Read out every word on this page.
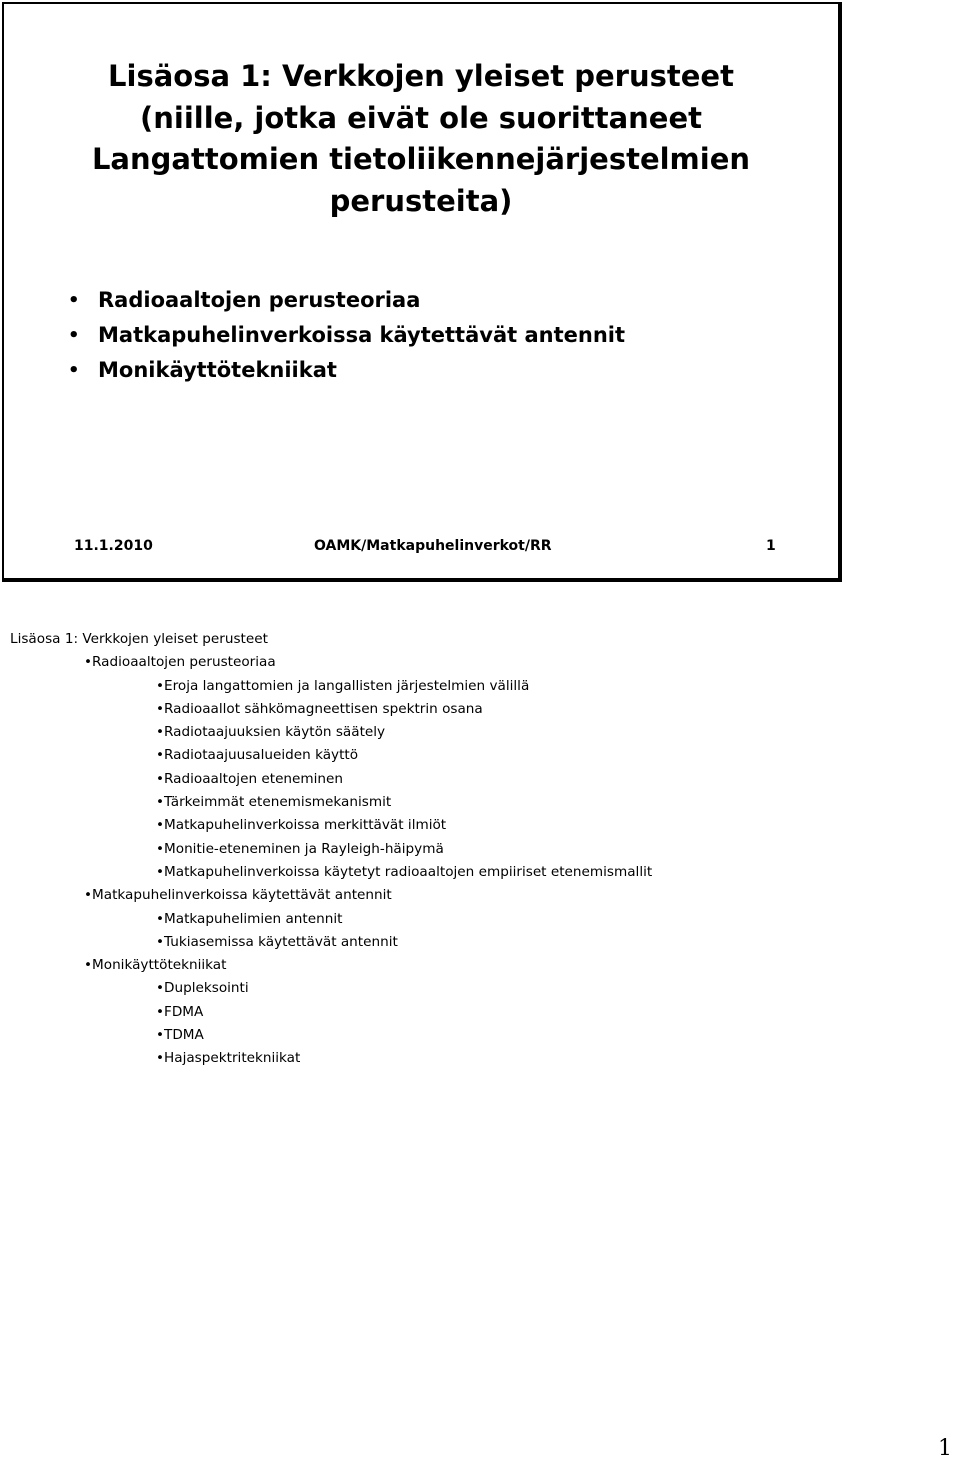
Lisäosa 1: Verkkojen yleiset perusteet
(niille, jotka eivät ole suorittaneet
Langattomien tietoliikennejärjestelmien
perusteita)
• Radioaaltojen perusteoriaa
• Matkapuhelinverkoissa käytettävät antennit
• Monikäyttötekniikat
11.1.2010	OAMK/Matkapuhelinverkot/RR	1
Lisäosa 1: Verkkojen yleiset perusteet
•Radioaaltojen perusteoriaa
•Eroja langattomien ja langallisten järjestelmien välillä
•Radioaallot sähkömagneettisen spektrin osana
•Radiotaajuuksien käytön säätely
•Radiotaajuusalueiden käyttö
•Radioaaltojen eteneminen
•Tärkeimmät etenemismekanismit
•Matkapuhelinverkoissa merkittävät ilmiöt
•Monitie-eteneminen ja Rayleigh-häipymä
•Matkapuhelinverkoissa käytetyt radioaaltojen empiiriset etenemismallit
•Matkapuhelinverkoissa käytettävät antennit
•Matkapuhelimien antennit
•Tukiasemissa käytettävät antennit
•Monikäyttötekniikat
•Dupleksointi
•FDMA
•TDMA
•Hajaspektritekniikat
1
